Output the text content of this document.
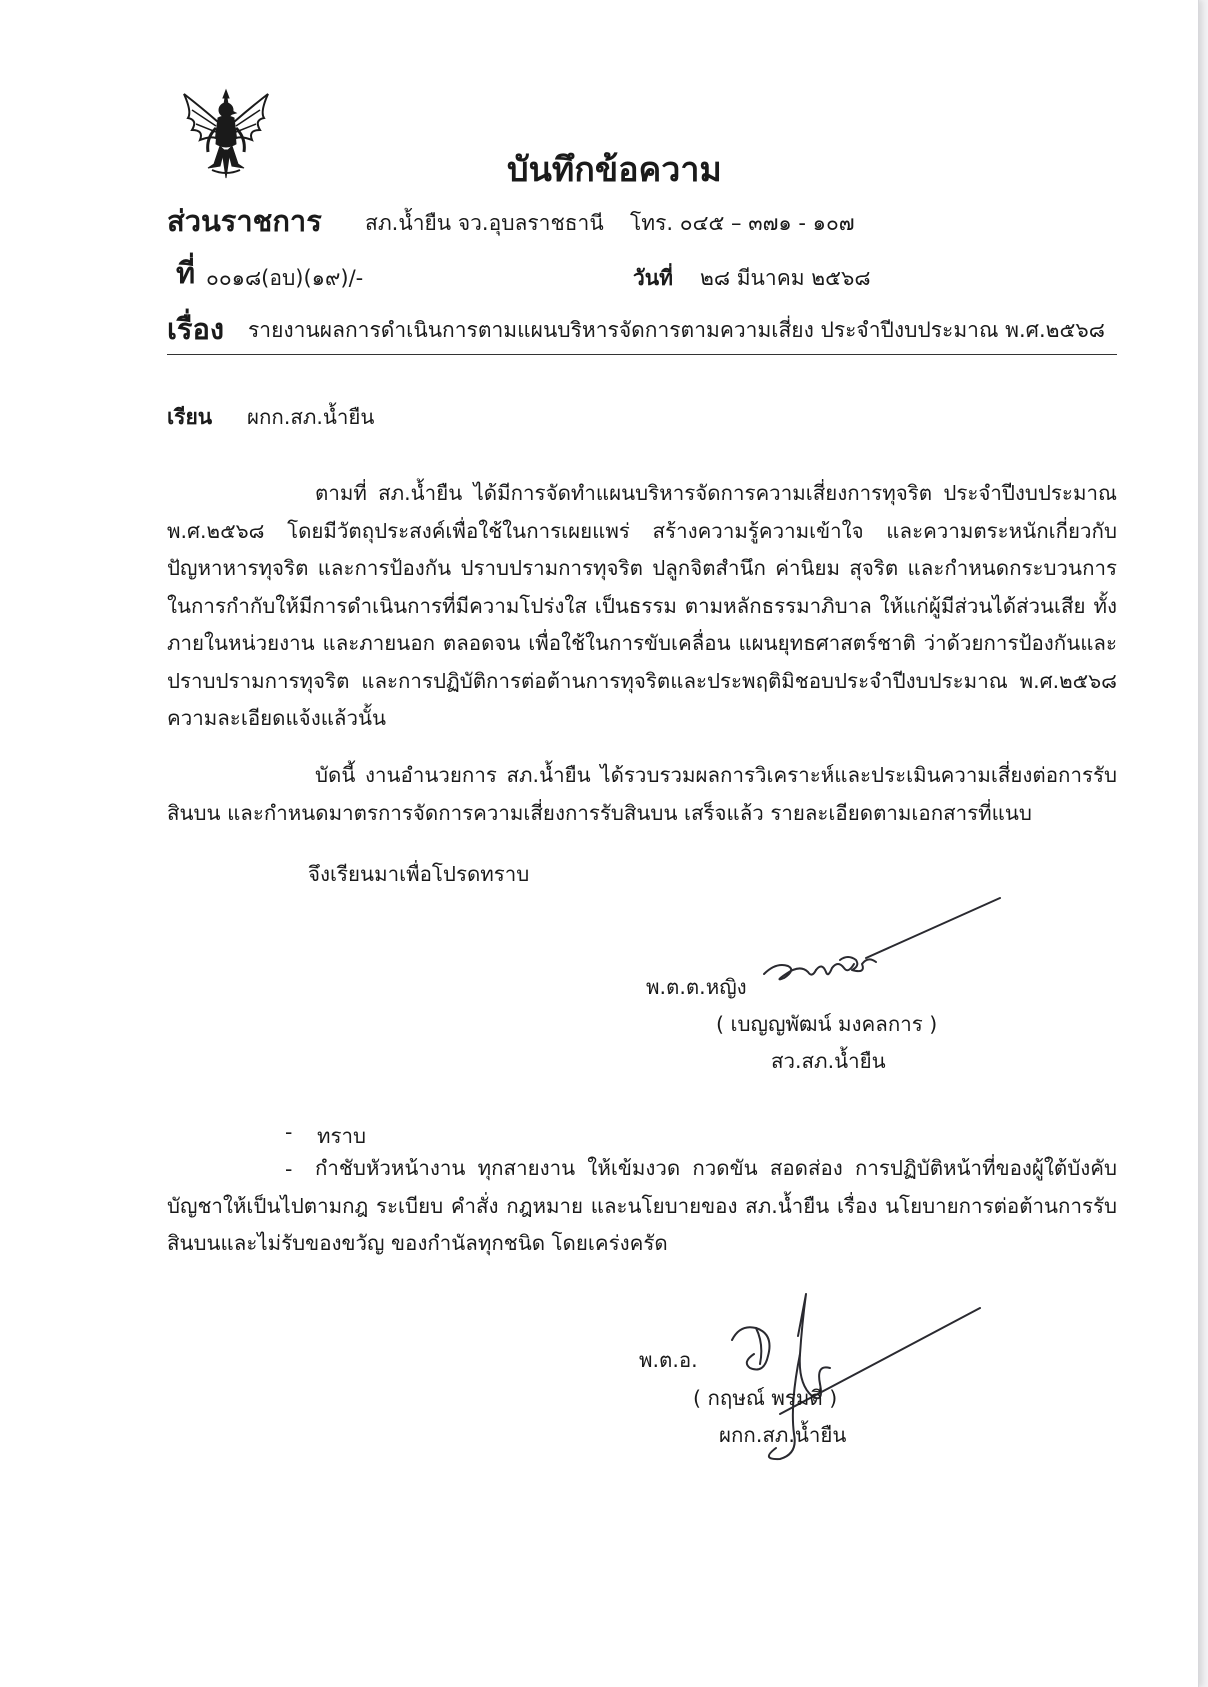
บันทึกข้อความ
ส่วนราชการ สภ.น้ำยืน จว.อุบลราชธานี โทร. ๐๔๕ – ๓๗๑ - ๑๐๗
ที่ ๐๐๑๘(อบ)(๑๙)/-	วันที่ ๒๘ มีนาคม ๒๕๖๘
เรื่อง รายงานผลการดำเนินการตามแผนบริหารจัดการตามความเสี่ยง ประจำปีงบประมาณ พ.ศ.๒๕๖๘
เรียน ผกก.สภ.น้ำยืน
ตามที่ สภ.น้ำยืน ได้มีการจัดทำแผนบริหารจัดการความเสี่ยงการทุจริต ประจำปีงบประมาณ พ.ศ.๒๕๖๘ โดยมีวัตถุประสงค์เพื่อใช้ในการเผยแพร่ สร้างความรู้ความเข้าใจ และความตระหนักเกี่ยวกับปัญหาหารทุจริต และการป้องกัน ปราบปรามการทุจริต ปลูกจิตสำนึก ค่านิยม สุจริต และกำหนดกระบวนการในการกำกับให้มีการดำเนินการที่มีความโปร่งใส เป็นธรรม ตามหลักธรรมาภิบาล ให้แก่ผู้มีส่วนได้ส่วนเสีย ทั้งภายในหน่วยงาน และภายนอก ตลอดจน เพื่อใช้ในการขับเคลื่อน แผนยุทธศาสตร์ชาติ ว่าด้วยการป้องกันและปราบปรามการทุจริต และการปฏิบัติการต่อต้านการทุจริตและประพฤติมิชอบประจำปีงบประมาณ พ.ศ.๒๕๖๘ ความละเอียดแจ้งแล้วนั้น
บัดนี้ งานอำนวยการ สภ.น้ำยืน ได้รวบรวมผลการวิเคราะห์และประเมินความเสี่ยงต่อการรับสินบน และกำหนดมาตรการจัดการความเสี่ยงการรับสินบน เสร็จแล้ว รายละเอียดตามเอกสารที่แนบ
จึงเรียนมาเพื่อโปรดทราบ
พ.ต.ต.หญิง
( เบญญพัฒน์ มงคลการ )
สว.สภ.น้ำยืน
- ทราบ
-	กำชับหัวหน้างาน ทุกสายงาน ให้เข้มงวด กวดขัน สอดส่อง การปฏิบัติหน้าที่ของผู้ใต้บังคับบัญชาให้เป็นไปตามกฎ ระเบียบ คำสั่ง กฎหมาย และนโยบายของ สภ.น้ำยืน เรื่อง นโยบายการต่อต้านการรับสินบนและไม่รับของขวัญ ของกำนัลทุกชนิด โดยเคร่งครัด
พ.ต.อ.
( กฤษณ์ พรมดี )
ผกก.สภ.น้ำยืน
